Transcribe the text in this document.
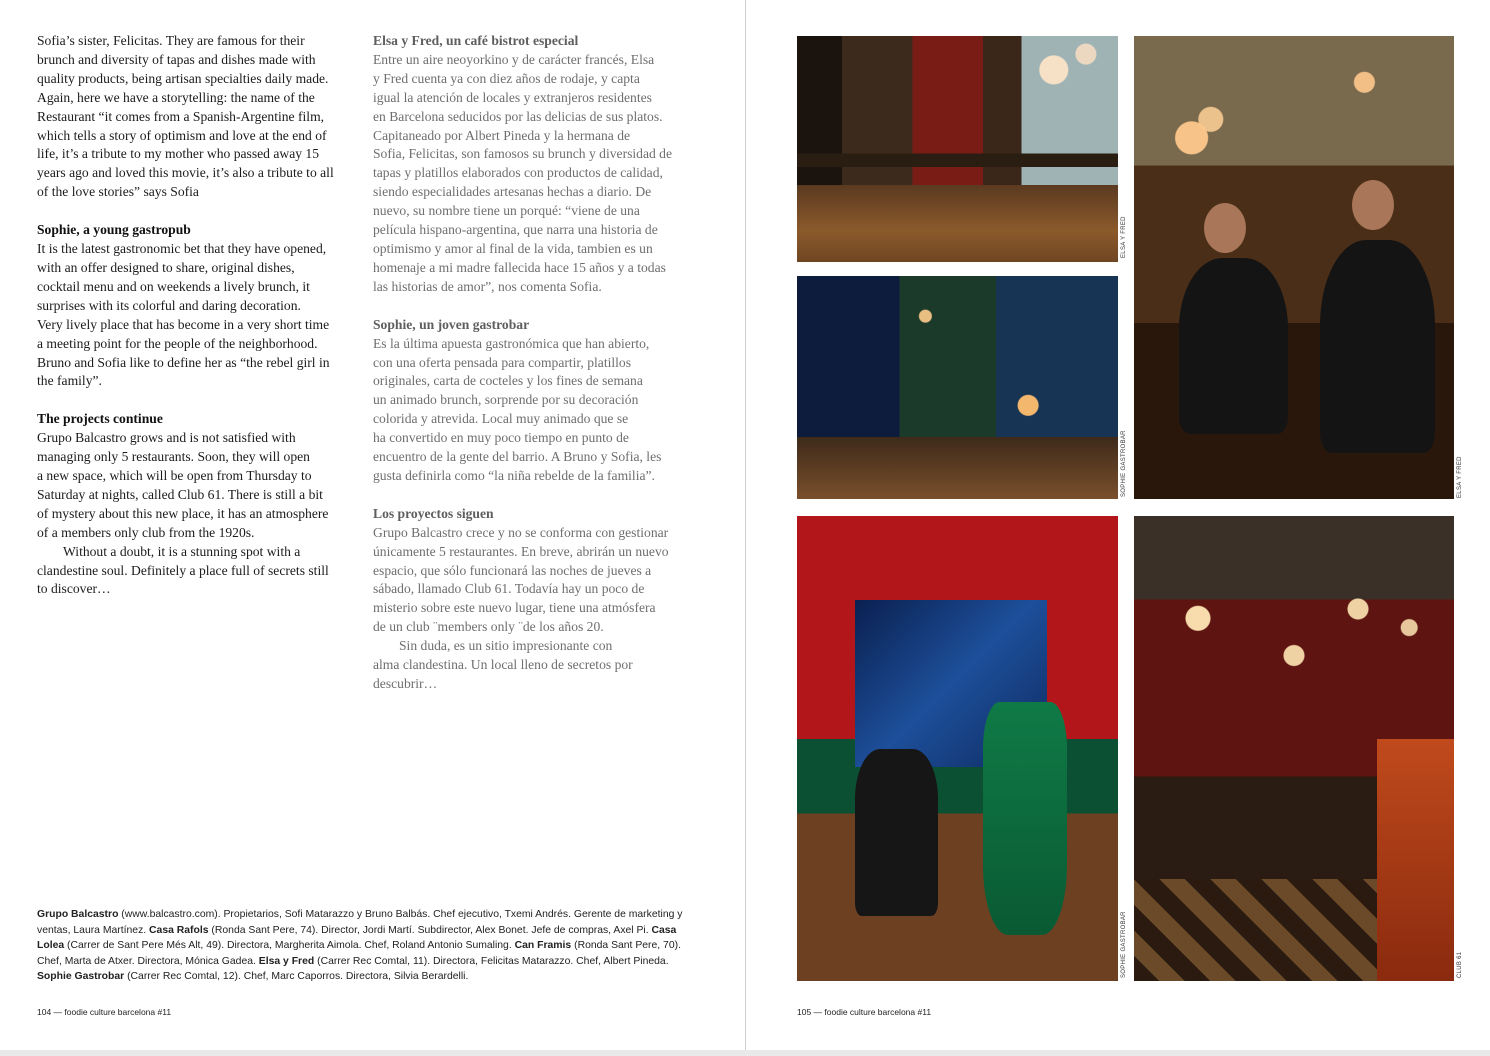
Sofia’s sister, Felicitas. They are famous for their
brunch and diversity of tapas and dishes made with
quality products, being artisan specialties daily made.
Again, here we have a storytelling: the name of the
Restaurant “it comes from a Spanish-Argentine film,
which tells a story of optimism and love at the end of
life, it’s a tribute to my mother who passed away 15
years ago and loved this movie, it’s also a tribute to all
of the love stories” says Sofia
Sophie, a young gastropub
It is the latest gastronomic bet that they have opened,
with an offer designed to share, original dishes,
cocktail menu and on weekends a lively brunch, it
surprises with its colorful and daring decoration.
Very lively place that has become in a very short time
a meeting point for the people of the neighborhood.
Bruno and Sofia like to define her as “the rebel girl in
the family”.
The projects continue
Grupo Balcastro grows and is not satisfied with
managing only 5 restaurants. Soon, they will open
a new space, which will be open from Thursday to
Saturday at nights, called Club 61. There is still a bit
of mystery about this new place, it has an atmosphere
of a members only club from the 1920s.
Without a doubt, it is a stunning spot with a
clandestine soul. Definitely a place full of secrets still
to discover…
Elsa y Fred, un café bistrot especial
Entre un aire neoyorkino y de carácter francés, Elsa
y Fred cuenta ya con diez años de rodaje, y capta
igual la atención de locales y extranjeros residentes
en Barcelona seducidos por las delicias de sus platos.
Capitaneado por Albert Pineda y la hermana de
Sofia, Felicitas, son famosos su brunch y diversidad de
tapas y platillos elaborados con productos de calidad,
siendo especialidades artesanas hechas a diario. De
nuevo, su nombre tiene un porqué: “viene de una
película hispano-argentina, que narra una historia de
optimismo y amor al final de la vida, tambien es un
homenaje a mi madre fallecida hace 15 años y a todas
las historias de amor”, nos comenta Sofia.
Sophie, un joven gastrobar
Es la última apuesta gastronómica que han abierto,
con una oferta pensada para compartir, platillos
originales, carta de cocteles y los fines de semana
un animado brunch, sorprende por su decoración
colorida y atrevida. Local muy animado que se
ha convertido en muy poco tiempo en punto de
encuentro de la gente del barrio. A Bruno y Sofia, les
gusta definirla como “la niña rebelde de la familia”.
Los proyectos siguen
Grupo Balcastro crece y no se conforma con gestionar
únicamente 5 restaurantes. En breve, abrirán un nuevo
espacio, que sólo funcionará las noches de jueves a
sábado, llamado Club 61. Todavía hay un poco de
misterio sobre este nuevo lugar, tiene una atmósfera
de un club ¨members only ¨de los años 20.
Sin duda, es un sitio impresionante con
alma clandestina. Un local lleno de secretos por
descubrir…
Grupo Balcastro (www.balcastro.com). Propietarios, Sofi Matarazzo y Bruno Balbás. Chef ejecutivo, Txemi Andrés. Gerente de marketing y ventas, Laura Martínez. Casa Rafols (Ronda Sant Pere, 74). Director, Jordi Martí. Subdirector, Alex Bonet. Jefe de compras, Axel Pi. Casa Lolea (Carrer de Sant Pere Més Alt, 49). Directora, Margherita Aimola. Chef, Roland Antonio Sumaling. Can Framis (Ronda Sant Pere, 70). Chef, Marta de Atxer. Directora, Mónica Gadea. Elsa y Fred (Carrer Rec Comtal, 11). Directora, Felicitas Matarazzo. Chef, Albert Pineda. Sophie Gastrobar (Carrer Rec Comtal, 12). Chef, Marc Caporros. Directora, Silvia Berardelli.
104 — foodie culture barcelona #11
ELSA Y FRED
ELSA Y FRED
SOPHIE GASTROBAR
SOPHIE GASTROBAR	CLUB 61
105 — foodie culture barcelona #11
